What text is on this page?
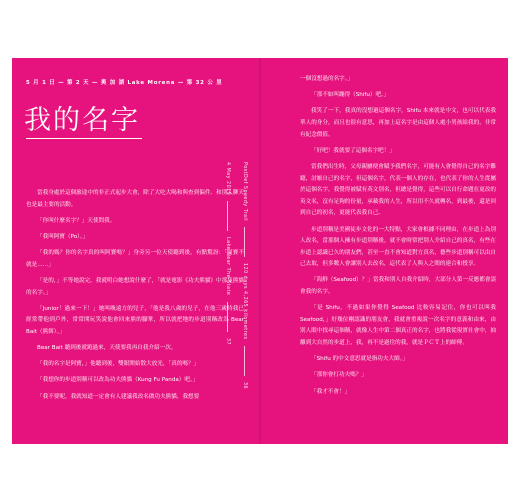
5 月 1 日 — 第 2 天 — 奧 加 湖 Lake Morena — 第 32 公 里
我的名字
PostDef Speedy Trail  120 days 4,265 kilometres  36
4 May 2019  Lake Near The State  37

當我身處於這個旅途中的非正式起步大會，除了大吃大喝和與查到偏件、和別人聊天也是最主要的活動。

「你叫什麼名字？」天使問我。

「我叫阿寶（Po）。」

「我的媽？你的名字真的叫阿寶嗎？」身旁另一位天使聽到後，有點驚訝：「阿寶不就是……」

「是的，」不等她說完，我就明白她想說什麼了，「就是電影《功夫熊貓》中那隻熊貓的名字。」

「Junior！過來一下！」她叫喚遠方的兒子，「他是我八歲的兒子，在他三歲時我已經常帶他到戶外，常常開玩笑說他會回來熊的腳掌，所以就把牠的步道別稱改為 Bear Bait（熊餌）。」

Bear Bait 聽到後就跑過來，天使要我再自我介紹一次。

「我的名字是阿寶，」他聽到後，雙眼開始散大放光，「真的嗎？」

「我想你的步道別稱可以改為功夫熊貓（Kung Fu Panda）吧。」

「我不要呢，我就知道一定會有人建議我改名做功夫熊貓，我想要

一個沒想過的名字。」

「那不如叫蹦得（Shifu）吧。」

我笑了一下，我真的沒想過這個名字，Shifu 本來就是中文，也可以代表我華人的身分，而且也很有意思，再加上這名字是由這個人處小男孩給我的，非常有紀念價值。

「好吧！我就要了這個名字吧！」

當我們出生時，父母親屬便會賦予我們名字，可能有人會覺得自己的名字難聽，討厭自己的名字，但這個名字，代表一個人的存在，也代表了你的人生從屬於這個名字，我覺得被賦有英文別名，但總是覺得，這些可以自行命題在更改的英文名，沒有足夠的份量，承載我的人生，所以用不久就轉名，到最後，還是回到自己的初名，更能代表我自己。

步道別稱是美國徒步文化的一大特點，大家會根據不同理由，在步道上為別人改名，當那個人擁有步道別稱後，就不會時常把別人介紹自己的真名，有些在步道上認識已久的朋友們，甚至一直不會知道對方真名，藝些步道別稱可以由自己去取，但多數人會讓別人去改名，這代表了人與人之間的連合和授享。

「海鮮（Seafood）？」當我和別人自我介紹時，大部分人第一反應都會誤會我的名字。

「是 Shifu，不過如果你覺得 Seafood 比較容易記住，你也可以叫我 Seafood，」好幾位剛認識的朋友會，我就會重複說一次名字的意義和由來，由別人眼中找尋這個稱，就像人生中第二個真正的名字，也將我從現實社會中，抽離到大自然的步道上，我，再不是過往的我，就是ＰＣＴ上的師傅。

「Shifu 的中文意思就是指功夫大師。」

「那你會打功夫嗎？」

「我才不會！」
